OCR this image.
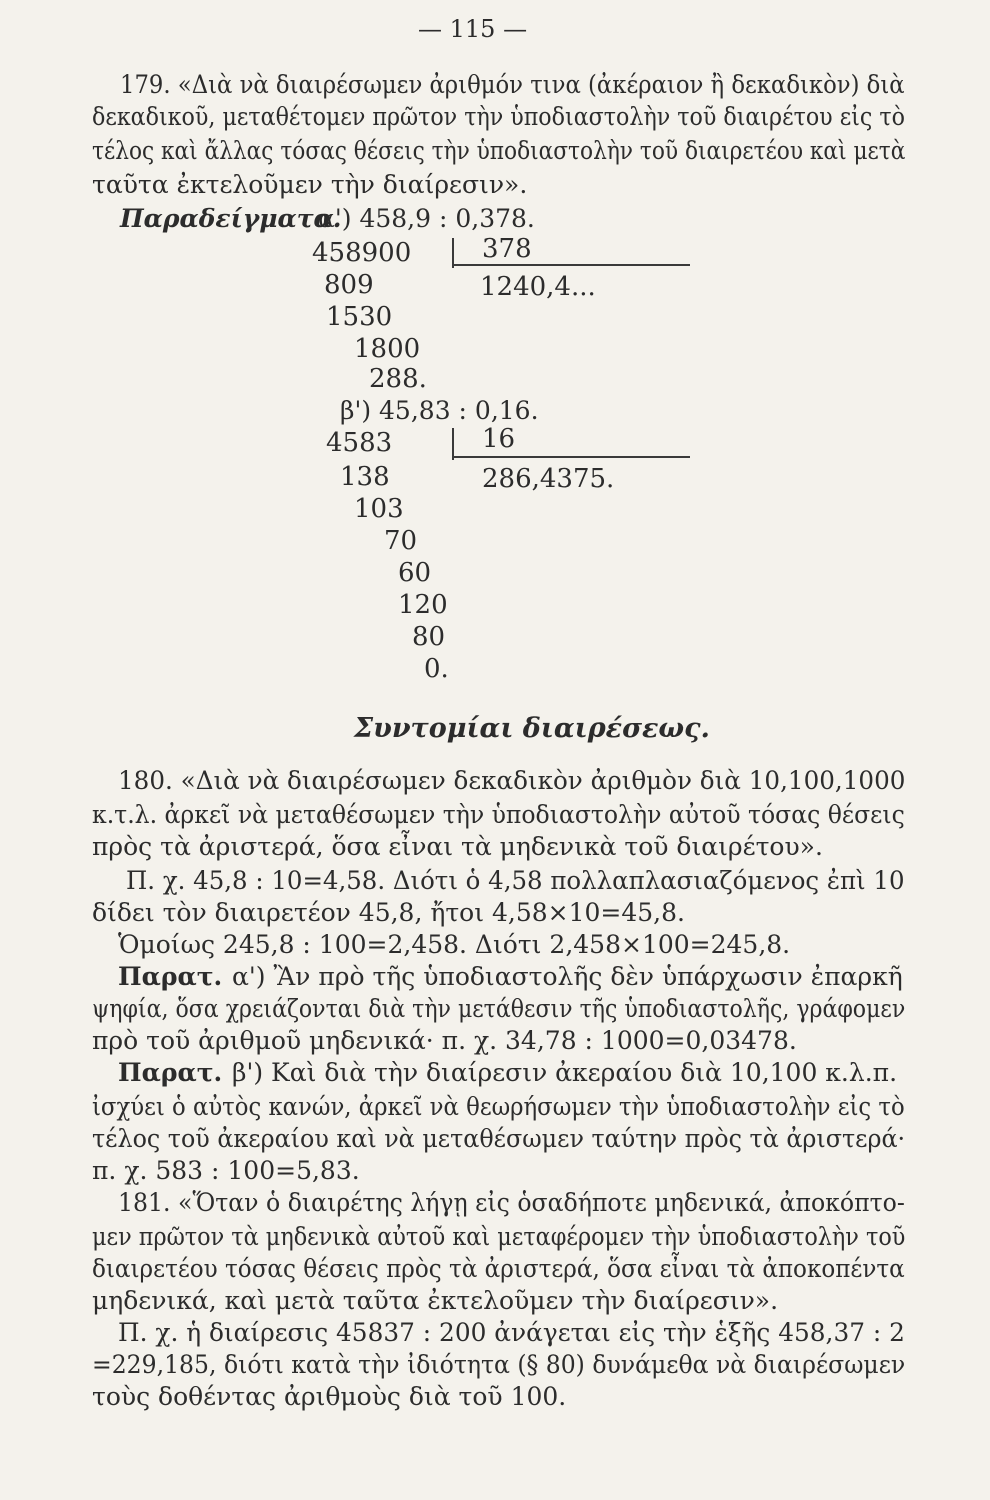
— 115 —
179. «Διὰ νὰ διαιρέσωμεν ἀριθμόν τινα (ἀκέραιον ἢ δεκαδικὸν) διὰ
δεκαδικοῦ, μεταθέτομεν πρῶτον τὴν ὑποδιαστολὴν τοῦ διαιρέτου εἰς τὸ
τέλος καὶ ἄλλας τόσας θέσεις τὴν ὑποδιαστολὴν τοῦ διαιρετέου καὶ μετὰ
ταῦτα ἐκτελοῦμεν τὴν διαίρεσιν».
Παραδείγματα.
α') 458,9 : 0,378.
458900	378
1240,4...
809
1530
1800
288.
β') 45,83 : 0,16.
4583	16
286,4375.
138
103
70
60
120
80
0.
Συντομίαι διαιρέσεως.
180. «Διὰ νὰ διαιρέσωμεν δεκαδικὸν ἀριθμὸν διὰ 10,100,1000
κ.τ.λ. ἀρκεῖ νὰ μεταθέσωμεν τὴν ὑποδιαστολὴν αὐτοῦ τόσας θέσεις
πρὸς τὰ ἀριστερά, ὅσα εἶναι τὰ μηδενικὰ τοῦ διαιρέτου».
Π. χ. 45,8 : 10=4,58. Διότι ὁ 4,58 πολλαπλασιαζόμενος ἐπὶ 10
δίδει τὸν διαιρετέον 45,8, ἤτοι 4,58×10=45,8.
Ὁμοίως 245,8 : 100=2,458. Διότι 2,458×100=245,8.
Παρατ. α') Ἂν πρὸ τῆς ὑποδιαστολῆς δὲν ὑπάρχωσιν ἐπαρκῆ
ψηφία, ὅσα χρειάζονται διὰ τὴν μετάθεσιν τῆς ὑποδιαστολῆς, γράφομεν
πρὸ τοῦ ἀριθμοῦ μηδενικά· π. χ. 34,78 : 1000=0,03478.
Παρατ. β') Καὶ διὰ τὴν διαίρεσιν ἀκεραίου διὰ 10,100 κ.λ.π.
ἰσχύει ὁ αὐτὸς κανών, ἀρκεῖ νὰ θεωρήσωμεν τὴν ὑποδιαστολὴν εἰς τὸ
τέλος τοῦ ἀκεραίου καὶ νὰ μεταθέσωμεν ταύτην πρὸς τὰ ἀριστερά·
π. χ. 583 : 100=5,83.
181. «Ὅταν ὁ διαιρέτης λήγῃ εἰς ὁσαδήποτε μηδενικά, ἀποκόπτο-
μεν πρῶτον τὰ μηδενικὰ αὐτοῦ καὶ μεταφέρομεν τὴν ὑποδιαστολὴν τοῦ
διαιρετέου τόσας θέσεις πρὸς τὰ ἀριστερά, ὅσα εἶναι τὰ ἀποκοπέντα
μηδενικά, καὶ μετὰ ταῦτα ἐκτελοῦμεν τὴν διαίρεσιν».
Π. χ. ἡ διαίρεσις 45837 : 200 ἀνάγεται εἰς τὴν ἑξῆς 458,37 : 2
=229,185, διότι κατὰ τὴν ἰδιότητα (§ 80) δυνάμεθα νὰ διαιρέσωμεν
τοὺς δοθέντας ἀριθμοὺς διὰ τοῦ 100.
